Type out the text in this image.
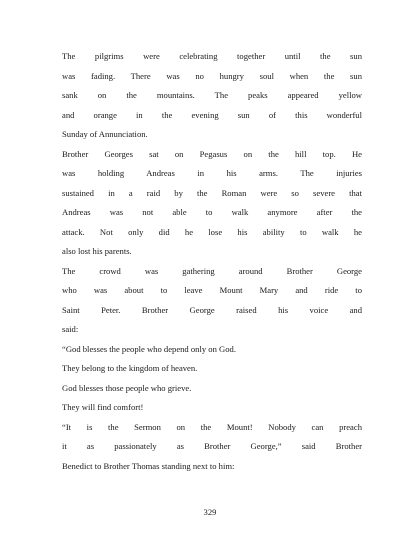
The pilgrims were celebrating together until the sun
was fading. There was no hungry soul when the sun
sank on the mountains. The peaks appeared yellow
and orange in the evening sun of this wonderful
Sunday of Annunciation.
Brother Georges sat on Pegasus on the hill top. He
was holding Andreas in his arms. The injuries
sustained in a raid by the Roman were so severe that
Andreas was not able to walk anymore after the
attack. Not only did he lose his ability to walk he
also lost his parents.
The crowd was gathering around Brother George
who was about to leave Mount Mary and ride to
Saint Peter. Brother George raised his voice and
said:
“God blesses the people who depend only on God.
They belong to the kingdom of heaven.
God blesses those people who grieve.
They will find comfort!
“It is the Sermon on the Mount! Nobody can preach
it as passionately as Brother George,” said Brother
Benedict to Brother Thomas standing next to him:
329
